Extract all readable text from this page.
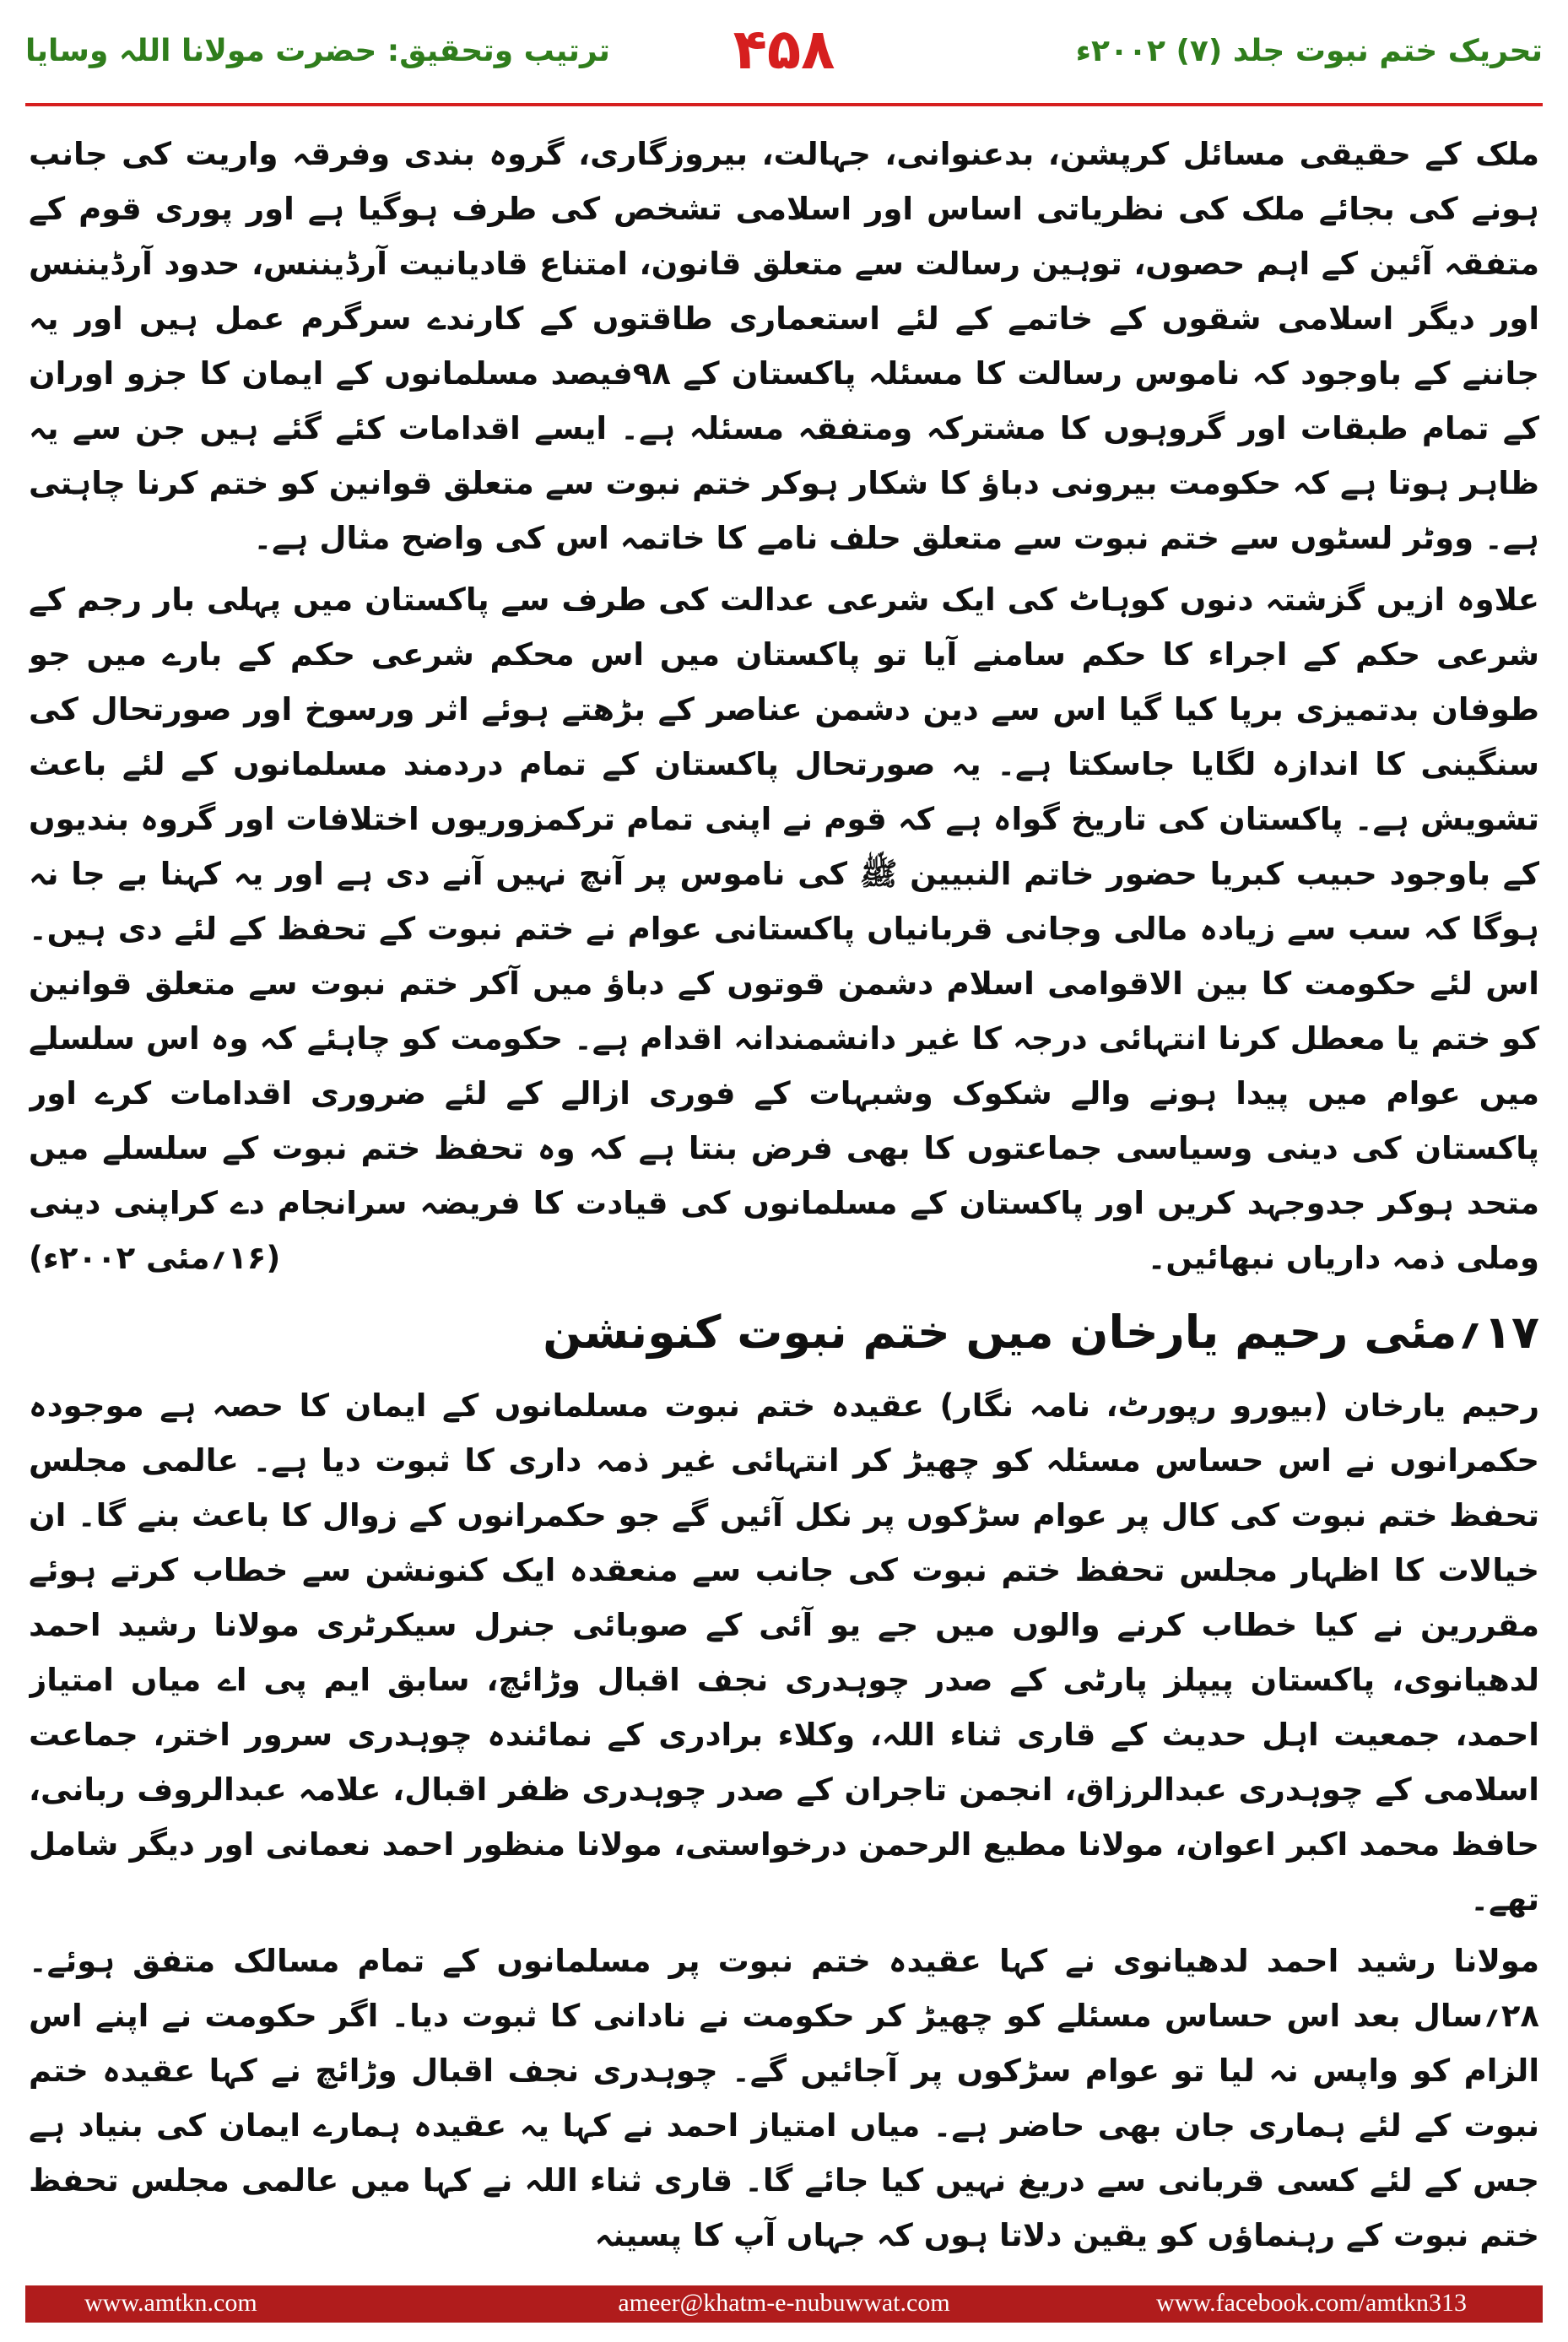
ترتیب وتحقیق: حضرت مولانا اللہ وسایا	۴۵۸	تحریک ختم نبوت جلد (۷) ۲۰۰۲ء

ملک کے حقیقی مسائل کرپشن، بدعنوانی، جہالت، بیروزگاری، گروہ بندی وفرقہ واریت کی جانب ہونے کی بجائے ملک کی نظریاتی اساس اور اسلامی تشخص کی طرف ہوگیا ہے اور پوری قوم کے متفقہ آئین کے اہم حصوں، توہین رسالت سے متعلق قانون، امتناع قادیانیت آرڈیننس، حدود آرڈیننس اور دیگر اسلامی شقوں کے خاتمے کے لئے استعماری طاقتوں کے کارندے سرگرم عمل ہیں اور یہ جاننے کے باوجود کہ ناموس رسالت کا مسئلہ پاکستان کے ۹۸فیصد مسلمانوں کے ایمان کا جزو اوران کے تمام طبقات اور گروہوں کا مشترکہ ومتفقہ مسئلہ ہے۔ ایسے اقدامات کئے گئے ہیں جن سے یہ ظاہر ہوتا ہے کہ حکومت بیرونی دباؤ کا شکار ہوکر ختم نبوت سے متعلق قوانین کو ختم کرنا چاہتی ہے۔ ووٹر لسٹوں سے ختم نبوت سے متعلق حلف نامے کا خاتمہ اس کی واضح مثال ہے۔

علاوہ ازیں گزشتہ دنوں کوہاٹ کی ایک شرعی عدالت کی طرف سے پاکستان میں پہلی بار رجم کے شرعی حکم کے اجراء کا حکم سامنے آیا تو پاکستان میں اس محکم شرعی حکم کے بارے میں جو طوفان بدتمیزی برپا کیا گیا اس سے دین دشمن عناصر کے بڑھتے ہوئے اثر ورسوخ اور صورتحال کی سنگینی کا اندازہ لگایا جاسکتا ہے۔ یہ صورتحال پاکستان کے تمام دردمند مسلمانوں کے لئے باعث تشویش ہے۔ پاکستان کی تاریخ گواہ ہے کہ قوم نے اپنی تمام ترکمزوریوں اختلافات اور گروہ بندیوں کے باوجود حبیب کبریا حضور خاتم النبیین ﷺ کی ناموس پر آنچ نہیں آنے دی ہے اور یہ کہنا بے جا نہ ہوگا کہ سب سے زیادہ مالی وجانی قربانیاں پاکستانی عوام نے ختم نبوت کے تحفظ کے لئے دی ہیں۔ اس لئے حکومت کا بین الاقوامی اسلام دشمن قوتوں کے دباؤ میں آکر ختم نبوت سے متعلق قوانین کو ختم یا معطل کرنا انتہائی درجہ کا غیر دانشمندانہ اقدام ہے۔ حکومت کو چاہئے کہ وہ اس سلسلے میں عوام میں پیدا ہونے والے شکوک وشبہات کے فوری ازالے کے لئے ضروری اقدامات کرے اور پاکستان کی دینی وسیاسی جماعتوں کا بھی فرض بنتا ہے کہ وہ تحفظ ختم نبوت کے سلسلے میں متحد ہوکر جدوجہد کریں اور پاکستان کے مسلمانوں کی قیادت کا فریضہ سرانجام دے کراپنی دینی وملی ذمہ داریاں نبھائیں۔
(۱۶؍مئی ۲۰۰۲ء)

۱۷؍مئی رحیم یارخان میں ختم نبوت کنونشن

رحیم یارخان (بیورو رپورٹ، نامہ نگار) عقیدہ ختم نبوت مسلمانوں کے ایمان کا حصہ ہے موجودہ حکمرانوں نے اس حساس مسئلہ کو چھیڑ کر انتہائی غیر ذمہ داری کا ثبوت دیا ہے۔ عالمی مجلس تحفظ ختم نبوت کی کال پر عوام سڑکوں پر نکل آئیں گے جو حکمرانوں کے زوال کا باعث بنے گا۔ ان خیالات کا اظہار مجلس تحفظ ختم نبوت کی جانب سے منعقدہ ایک کنونشن سے خطاب کرتے ہوئے مقررین نے کیا خطاب کرنے والوں میں جے یو آئی کے صوبائی جنرل سیکرٹری مولانا رشید احمد لدھیانوی، پاکستان پیپلز پارٹی کے صدر چوہدری نجف اقبال وڑائچ، سابق ایم پی اے میاں امتیاز احمد، جمعیت اہل حدیث کے قاری ثناء اللہ، وکلاء برادری کے نمائندہ چوہدری سرور اختر، جماعت اسلامی کے چوہدری عبدالرزاق، انجمن تاجران کے صدر چوہدری ظفر اقبال، علامہ عبدالروف ربانی، حافظ محمد اکبر اعوان، مولانا مطیع الرحمن درخواستی، مولانا منظور احمد نعمانی اور دیگر شامل تھے۔

مولانا رشید احمد لدھیانوی نے کہا عقیدہ ختم نبوت پر مسلمانوں کے تمام مسالک متفق ہوئے۔ ۲۸؍سال بعد اس حساس مسئلے کو چھیڑ کر حکومت نے نادانی کا ثبوت دیا۔ اگر حکومت نے اپنے اس الزام کو واپس نہ لیا تو عوام سڑکوں پر آجائیں گے۔ چوہدری نجف اقبال وڑائچ نے کہا عقیدہ ختم نبوت کے لئے ہماری جان بھی حاضر ہے۔ میاں امتیاز احمد نے کہا یہ عقیدہ ہمارے ایمان کی بنیاد ہے جس کے لئے کسی قربانی سے دریغ نہیں کیا جائے گا۔ قاری ثناء اللہ نے کہا میں عالمی مجلس تحفظ ختم نبوت کے رہنماؤں کو یقین دلاتا ہوں کہ جہاں آپ کا پسینہ

www.amtkn.com	ameer@khatm-e-nubuwwat.com	www.facebook.com/amtkn313
